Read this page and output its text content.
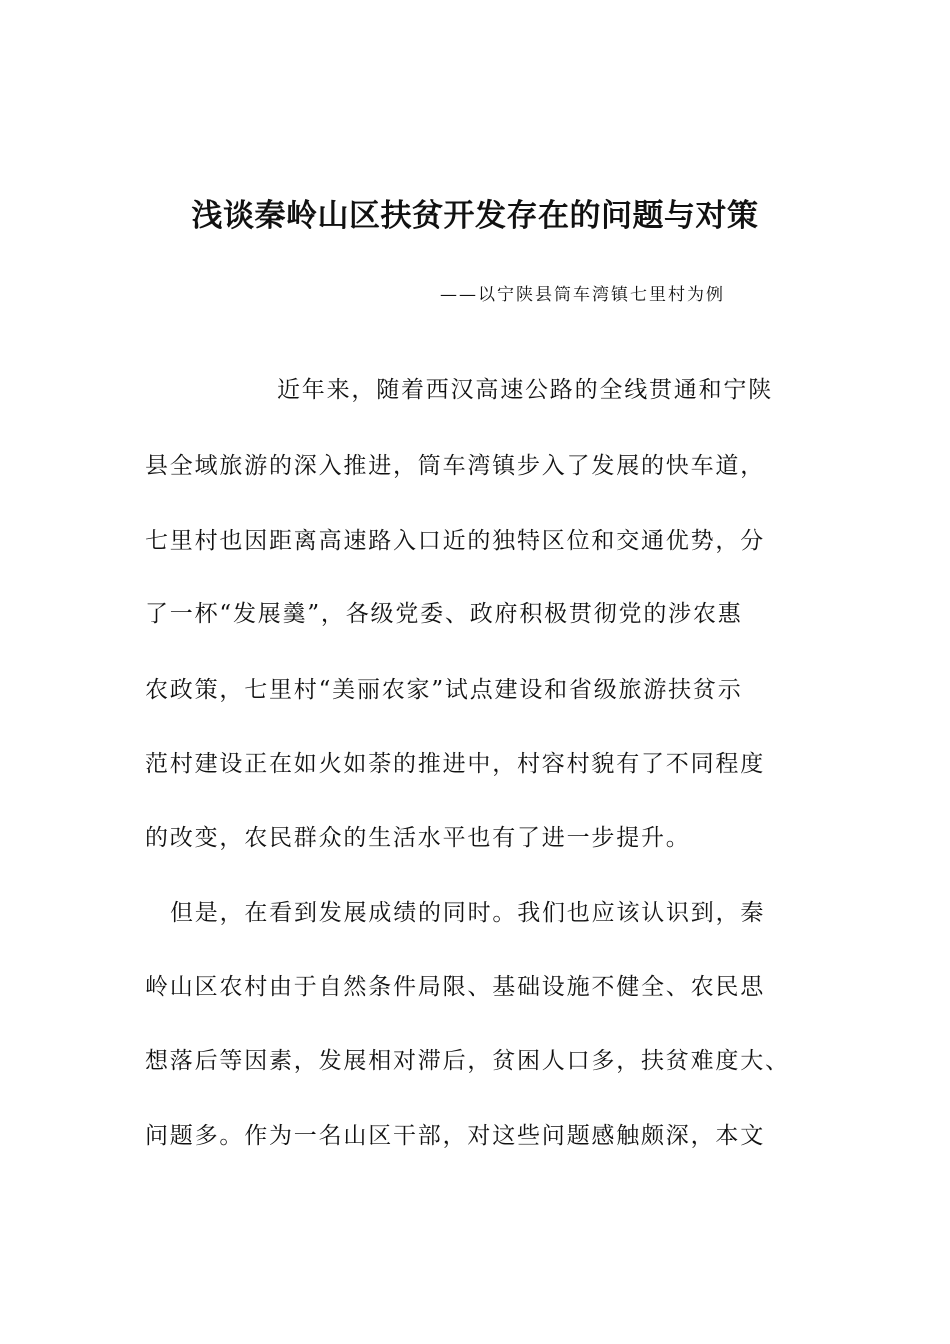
浅谈秦岭山区扶贫开发存在的问题与对策
——以宁陕县筒车湾镇七里村为例
近年来，随着西汉高速公路的全线贯通和宁陕
县全域旅游的深入推进，筒车湾镇步入了发展的快车道，
七里村也因距离高速路入口近的独特区位和交通优势，分
了一杯“发展羹”，各级党委、政府积极贯彻党的涉农惠
农政策，七里村“美丽农家”试点建设和省级旅游扶贫示
范村建设正在如火如荼的推进中，村容村貌有了不同程度
的改变，农民群众的生活水平也有了进一步提升。
但是，在看到发展成绩的同时。我们也应该认识到，秦
岭山区农村由于自然条件局限、基础设施不健全、农民思
想落后等因素，发展相对滞后，贫困人口多，扶贫难度大、
问题多。作为一名山区干部，对这些问题感触颇深，本文
